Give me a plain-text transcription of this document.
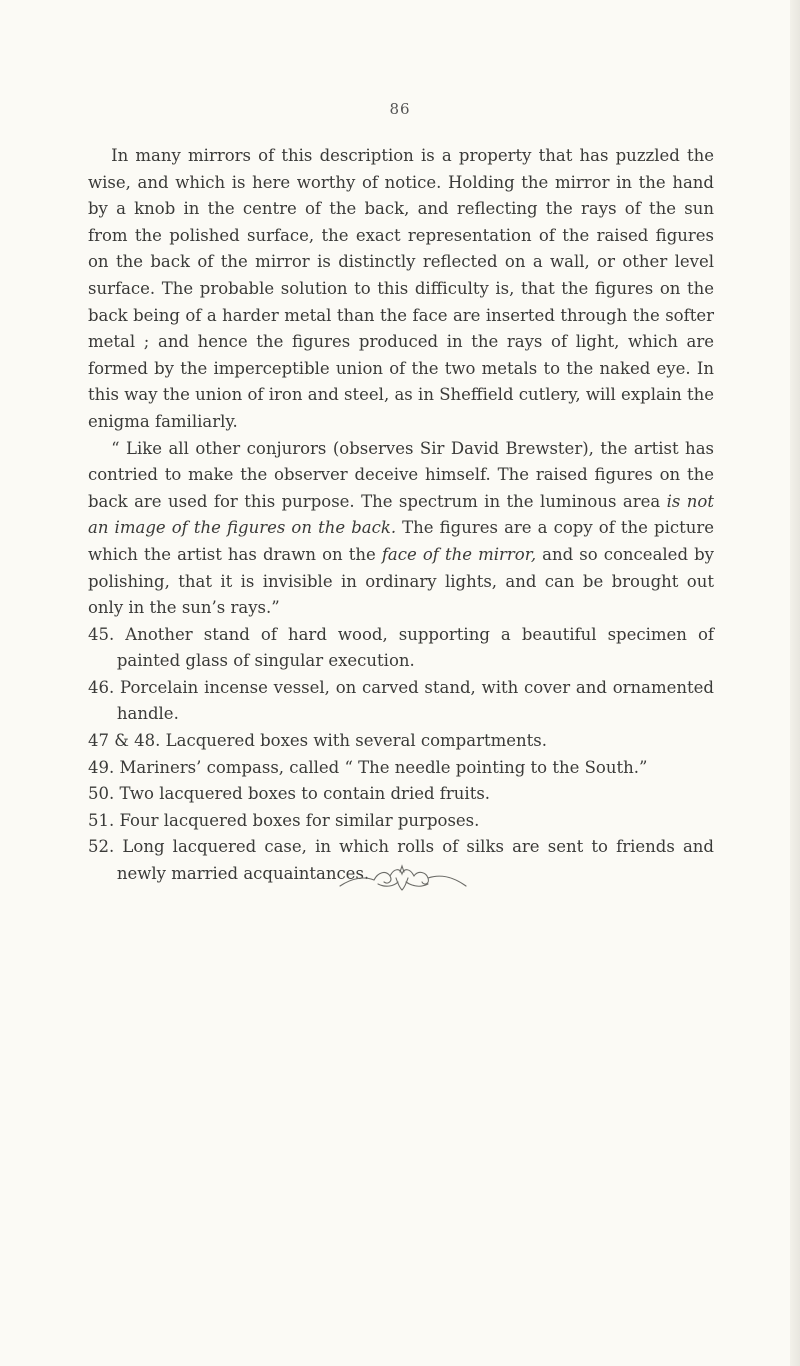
86

In many mirrors of this description is a property that has puzzled the wise, and which is here worthy of notice. Holding the mirror in the hand by a knob in the centre of the back, and reflecting the rays of the sun from the polished surface, the exact representation of the raised figures on the back of the mirror is distinctly reflected on a wall, or other level surface. The probable solution to this difficulty is, that the figures on the back being of a harder metal than the face are inserted through the softer metal ; and hence the figures produced in the rays of light, which are formed by the imperceptible union of the two metals to the naked eye. In this way the union of iron and steel, as in Sheffield cutlery, will explain the enigma familiarly.

“ Like all other conjurors (observes Sir David Brewster), the artist has contried to make the observer deceive himself. The raised figures on the back are used for this purpose. The spectrum in the luminous area is not an image of the figures on the back. The figures are a copy of the picture which the artist has drawn on the face of the mirror, and so concealed by polishing, that it is invisible in ordinary lights, and can be brought out only in the sun’s rays.”

45. Another stand of hard wood, supporting a beautiful specimen of painted glass of singular execution.

46. Porcelain incense vessel, on carved stand, with cover and ornamented handle.

47 & 48. Lacquered boxes with several compartments.

49. Mariners’ compass, called “ The needle pointing to the South.”

50. Two lacquered boxes to contain dried fruits.

51. Four lacquered boxes for similar purposes.

52. Long lacquered case, in which rolls of silks are sent to friends and newly married acquaintances.
